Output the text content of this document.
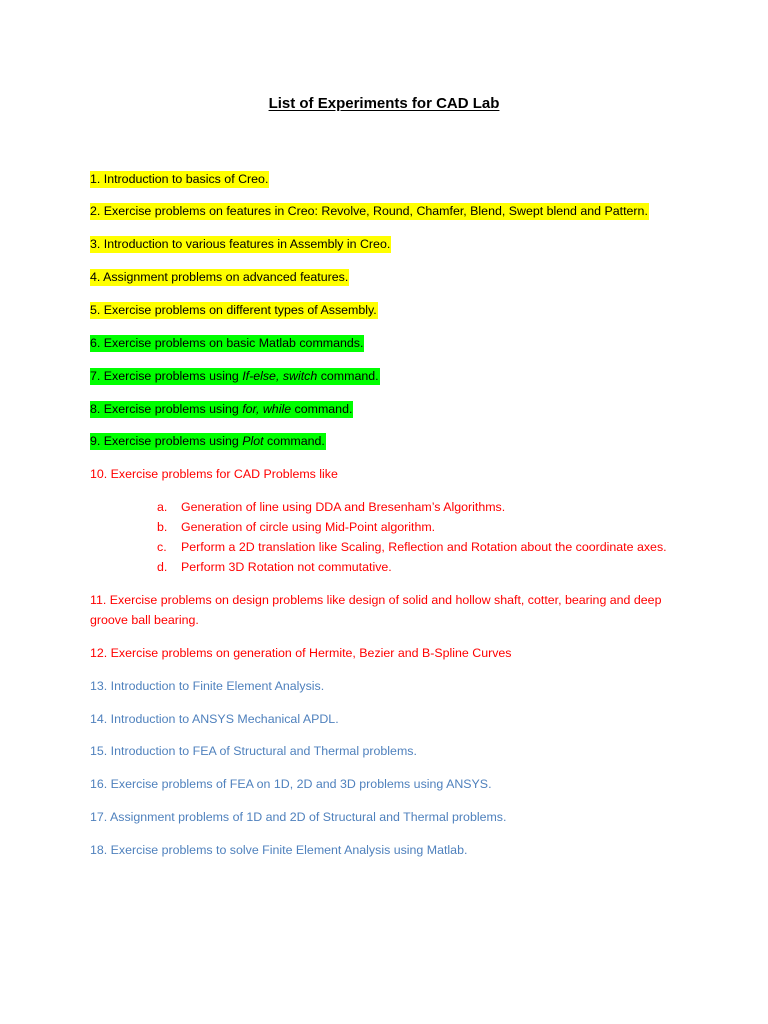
List of Experiments for CAD Lab
1. Introduction to basics of Creo.
2. Exercise problems on features in Creo: Revolve, Round, Chamfer, Blend, Swept blend and Pattern.
3. Introduction to various features in Assembly in Creo.
4. Assignment problems on advanced features.
5. Exercise problems on different types of Assembly.
6. Exercise problems on basic Matlab commands.
7. Exercise problems using If-else, switch command.
8. Exercise problems using for, while command.
9. Exercise problems using Plot command.
10. Exercise problems for CAD Problems like
a. Generation of line using DDA and Bresenham’s Algorithms.
b. Generation of circle using Mid-Point algorithm.
c. Perform a 2D translation like Scaling, Reflection and Rotation about the coordinate axes.
d. Perform 3D Rotation not commutative.
11. Exercise problems on design problems like design of solid and hollow shaft, cotter, bearing and deep groove ball bearing.
12. Exercise problems on generation of Hermite, Bezier and B-Spline Curves
13. Introduction to Finite Element Analysis.
14. Introduction to ANSYS Mechanical APDL.
15. Introduction to FEA of Structural and Thermal problems.
16. Exercise problems of FEA on 1D, 2D and 3D problems using ANSYS.
17. Assignment problems of 1D and 2D of Structural and Thermal problems.
18. Exercise problems to solve Finite Element Analysis using Matlab.
